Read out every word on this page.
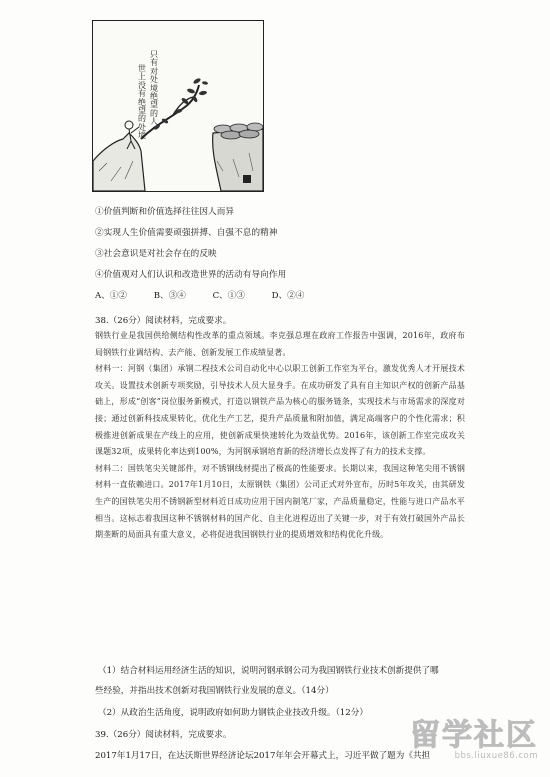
世上没有绝望的处境
只有对处境绝望的人
①价值判断和价值选择往往因人而异
②实现人生价值需要顽强拼搏、自强不息的精神
③社会意识是对社会存在的反映
④价值观对人们认识和改造世界的活动有导向作用
A、①②	B、③④	C、①③	D、②④
38.（26分）阅读材料，完成要求。

钢铁行业是我国供给侧结构性改革的重点领域。李克强总理在政府工作报告中强调，2016年，政府布局钢铁行业调结构、去产能、创新发展工作成绩显著。

材料一：河钢（集团）承钢二程技术公司自动化中心以职工创新工作室为平台，激发优秀人才开展技术攻关。设置技术创新专项奖励，引导技术人员大显身手。在成功研发了具有自主知识产权的创新产品基础上，形成“创客”岗位服务新模式，打造以钢铁产品为核心的服务链条，实现技术与市场需求的深度对接；通过创新科技成果转化，优化生产工艺，提升产品质量和附加值，满足高端客户的个性化需求；积极推进创新成果在产线上的应用，使创新成果快速转化为效益优势。2016年，该创新工作室完成攻关课题32项，成果转化率达到100%，为河钢承钢培育新的经济增长点发挥了有力的技术支撑。

材料二：国铁笔尖关键部件，对不锈钢线材提出了极高的性能要求。长期以来，我国这种笔尖用不锈钢材料一直依赖进口。2017年1月10日，太原钢铁（集团）公司正式对外宣布，历时5年攻关，由其研发生产的国铁笔尖用不锈钢新型材料近日成功应用于国内制笔厂家，产品质量稳定，性能与进口产品水平相当。这标志着我国这种不锈钢材料的国产化、自主化进程迈出了关键一步，对于有效打破国外产品长期垄断的局面具有重大意义，必将促进我国钢铁行业的提质增效和结构优化升级。

（1）结合材料运用经济生活的知识，说明河钢承钢公司为我国钢铁行业技术创新提供了哪
些经验，并指出技术创新对我国钢铁行业发展的意义。（14分）
（2）从政治生活角度，说明政府如何助力钢铁企业技改升级。（12分）
39.（26分）阅读材料，完成要求。
2017年1月17日，在达沃斯世界经济论坛2017年年会开幕式上，习近平做了题为《共担
留学社区
bbs.liuxue86.com
